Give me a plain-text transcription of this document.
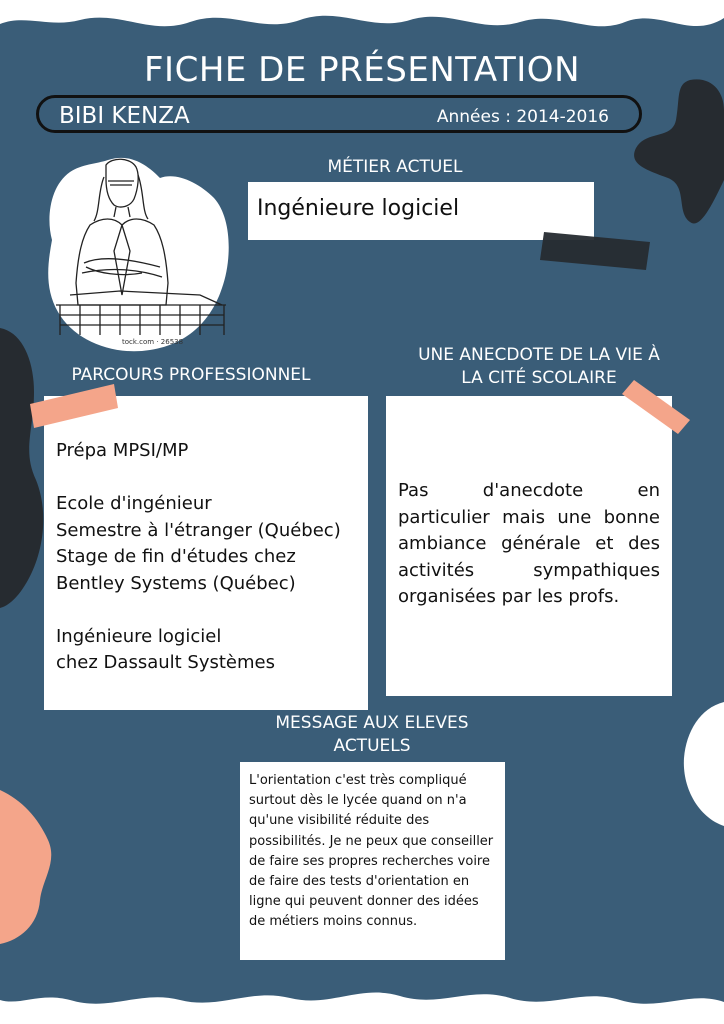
tock.com · 26538
FICHE DE PRÉSENTATION
BIBI KENZA	Années : 2014-2016
MÉTIER ACTUEL
Ingénieure logiciel
PARCOURS PROFESSIONNEL
Prépa MPSI/MP
Ecole d'ingénieur
Semestre à l'étranger (Québec)
Stage de fin d'études chez
Bentley Systems (Québec)
Ingénieure logiciel
chez Dassault Systèmes
UNE ANECDOTE DE LA VIE À
LA CITÉ SCOLAIRE
Pas d'anecdote en particulier mais une bonne ambiance générale et des activités sympathiques organisées par les profs.
MESSAGE AUX ELEVES
ACTUELS
L'orientation c'est très compliqué surtout dès le lycée quand on n'a qu'une visibilité réduite des possibilités. Je ne peux que conseiller de faire ses propres recherches voire de faire des tests d'orientation en ligne qui peuvent donner des idées de métiers moins connus.
